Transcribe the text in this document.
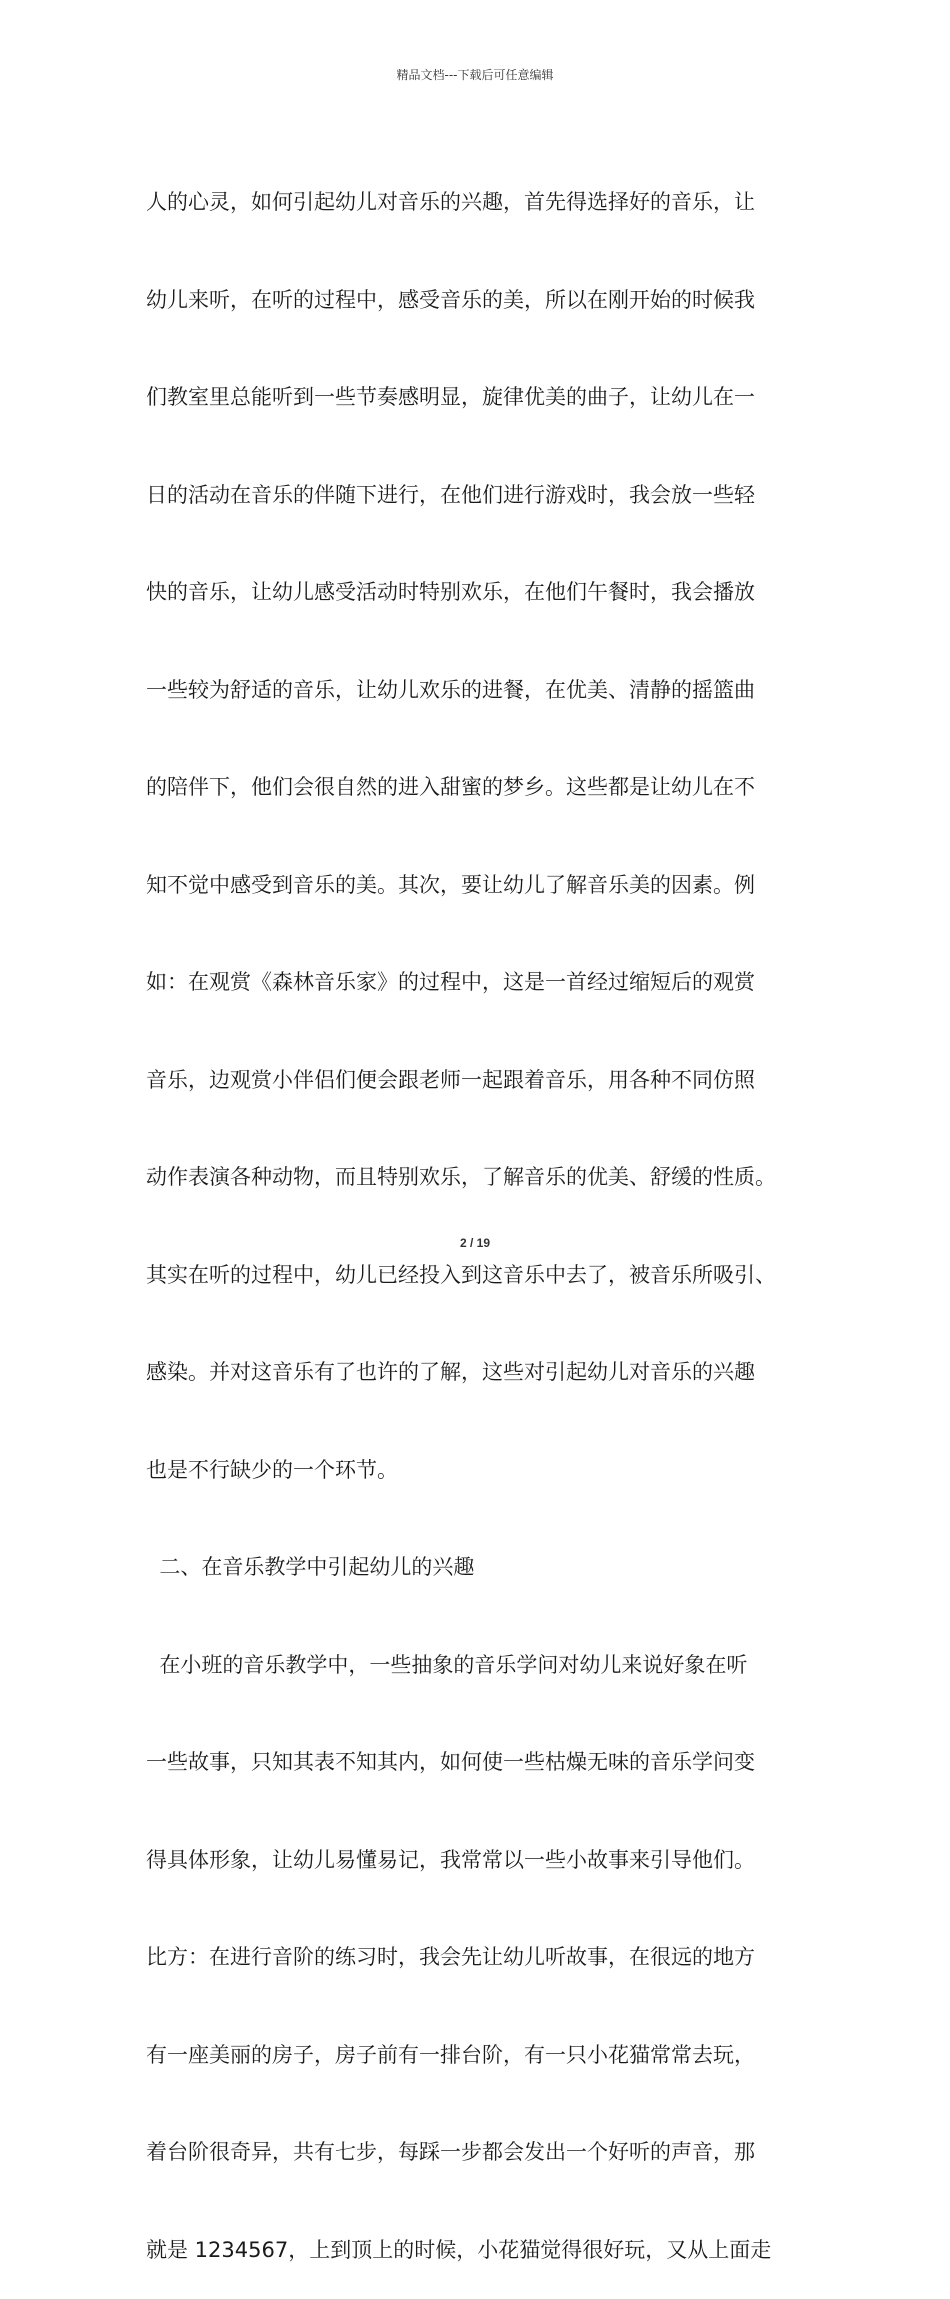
精品文档---下载后可任意编辑

人的心灵，如何引起幼儿对音乐的兴趣，首先得选择好的音乐，让

幼儿来听，在听的过程中，感受音乐的美，所以在刚开始的时候我

们教室里总能听到一些节奏感明显，旋律优美的曲子，让幼儿在一

日的活动在音乐的伴随下进行，在他们进行游戏时，我会放一些轻

快的音乐，让幼儿感受活动时特别欢乐，在他们午餐时，我会播放

一些较为舒适的音乐，让幼儿欢乐的进餐，在优美、清静的摇篮曲

的陪伴下，他们会很自然的进入甜蜜的梦乡。这些都是让幼儿在不

知不觉中感受到音乐的美。其次，要让幼儿了解音乐美的因素。例

如：在观赏《森林音乐家》的过程中，这是一首经过缩短后的观赏

音乐，边观赏小伴侣们便会跟老师一起跟着音乐，用各种不同仿照

动作表演各种动物，而且特别欢乐，了解音乐的优美、舒缓的性质。

其实在听的过程中，幼儿已经投入到这音乐中去了，被音乐所吸引、

感染。并对这音乐有了也许的了解，这些对引起幼儿对音乐的兴趣

也是不行缺少的一个环节。

二、在音乐教学中引起幼儿的兴趣

在小班的音乐教学中，一些抽象的音乐学问对幼儿来说好象在听

一些故事，只知其表不知其内，如何使一些枯燥无味的音乐学问变

得具体形象，让幼儿易懂易记，我常常以一些小故事来引导他们。

比方：在进行音阶的练习时，我会先让幼儿听故事，在很远的地方

有一座美丽的房子，房子前有一排台阶，有一只小花猫常常去玩，

着台阶很奇异，共有七步，每踩一步都会发出一个好听的声音，那

就是 1234567，上到顶上的时候，小花猫觉得很好玩，又从上面走

2 / 19
